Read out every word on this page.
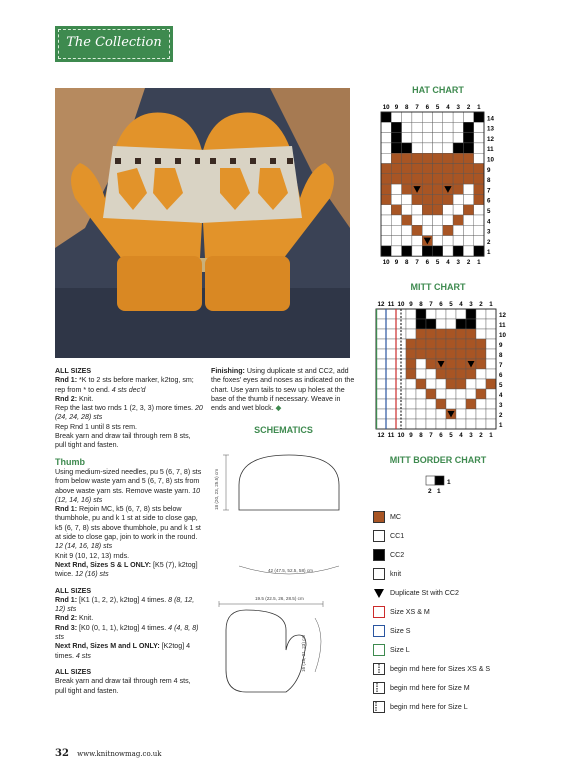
The Collection

ALL SIZES

Rnd 1: *K to 2 sts before marker, k2tog, sm; rep from * to end. 4 sts dec'd

Rnd 2: Knit.

Rep the last two rnds 1 (2, 3, 3) more times. 20 (24, 24, 28) sts

Rep Rnd 1 until 8 sts rem.

Break yarn and draw tail through rem 8 sts, pull tight and fasten.

Thumb

Using medium-sized needles, pu 5 (6, 7, 8) sts from below waste yarn and 5 (6, 7, 8) sts from above waste yarn sts. Remove waste yarn. 10 (12, 14, 16) sts

Rnd 1: Rejoin MC, k5 (6, 7, 8) sts below thumbhole, pu and k 1 st at side to close gap, k5 (6, 7, 8) sts above thumbhole, pu and k 1 st at side to close gap, join to work in the round. 12 (14, 16, 18) sts

Knit 9 (10, 12, 13) rnds.

Next Rnd, Sizes S & L ONLY: [K5 (7), k2tog] twice. 12 (16) sts

ALL SIZES

Rnd 1: [K1 (1, 2, 2), k2tog] 4 times. 8 (8, 12, 12) sts

Rnd 2: Knit.

Rnd 3: [K0 (0, 1, 1), k2tog] 4 times. 4 (4, 8, 8) sts

Next Rnd, Sizes M and L ONLY: [K2tog] 4 times. 4 sts

ALL SIZES

Break yarn and draw tail through rem 4 sts, pull tight and fasten.

Finishing: Using duplicate st and CC2, add the foxes' eyes and noses as indicated on the chart. Use yarn tails to sew up holes at the base of the thumb if necessary. Weave in ends and wet block. ◆

SCHEMATICS
18 (20, 23, 25.5) cm
42 (47.5, 52.5, 58) cm
19.5 (22.5, 26, 28.5) cm
16 (18, 21, 23) cm
HAT CHART
10
10
9
9
8
8
7
7
6
6
5
5
4
4
3
3
2
2
1
1
14
13
12
11
10
9
8
7
6
5
4
3
2
1
MITT CHART
12
12
11
11
10
10
9
9
8
8
7
7
6
6
5
5
4
4
3
3
2
2
1
1
12
11
10
9
8
7
6
5
4
3
2
1
MITT BORDER CHART
1
2 1
MC
CC1
CC2
knit
Duplicate St with CC2
Size XS & M
Size S
Size L
begin rnd here for Sizes XS & S
begin rnd here for Size M
begin rnd here for Size L
32 www.knitnowmag.co.uk
